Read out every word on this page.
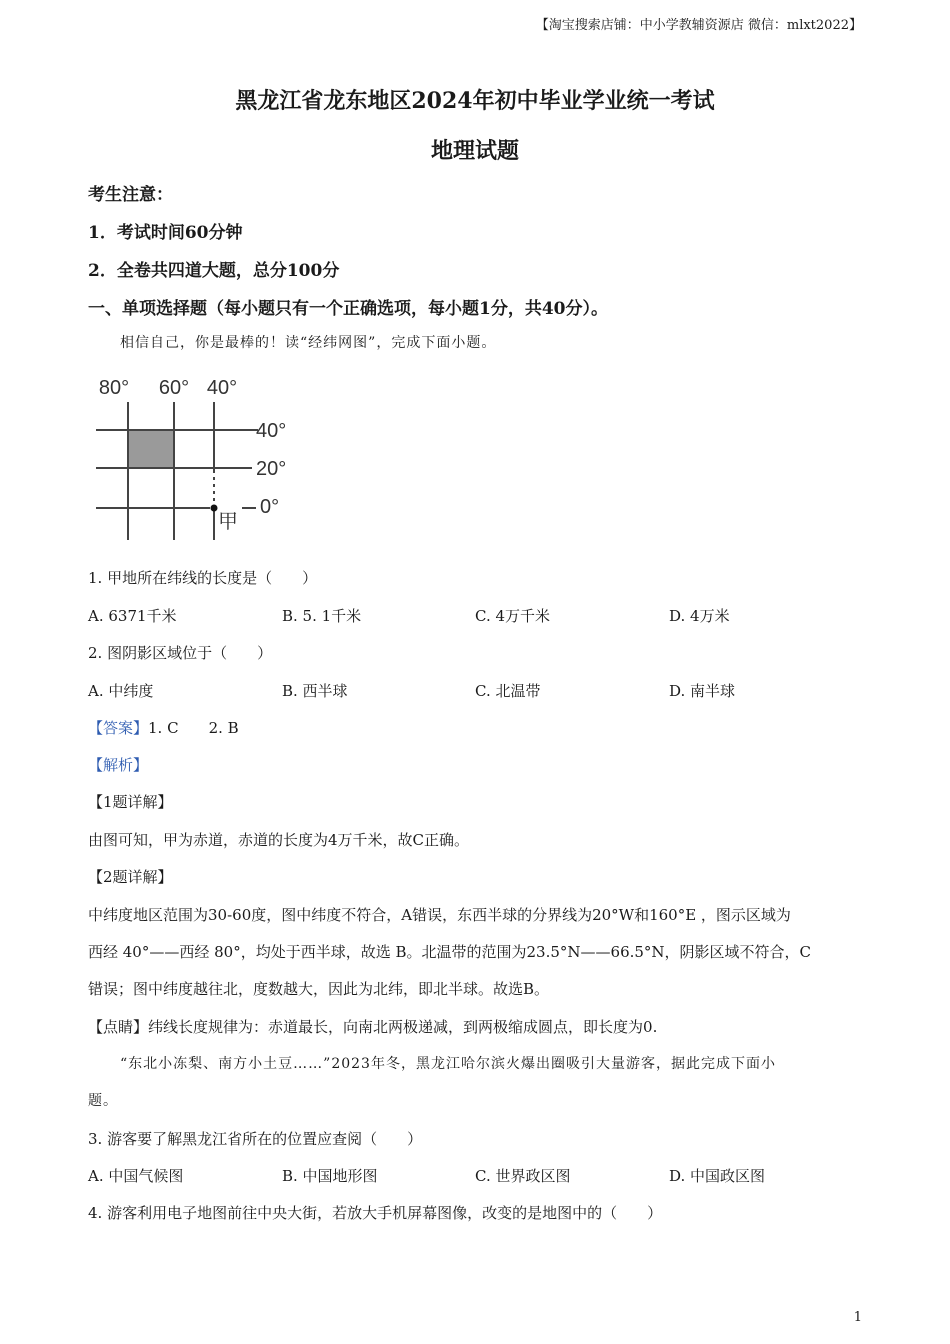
【淘宝搜索店铺：中小学教辅资源店 微信：mlxt2022】
黑龙江省龙东地区2024年初中毕业学业统一考试
地理试题
考生注意：
1．考试时间60分钟
2．全卷共四道大题，总分100分
一、单项选择题（每小题只有一个正确选项，每小题1分，共40分）。
相信自己，你是最棒的！读“经纬网图”，完成下面小题。
80° 60° 40°
40°
20°
0°
甲
1. 甲地所在纬线的长度是（　　）
A. 6371千米	B. 5. 1千米	C. 4万千米	D. 4万米
2. 图阴影区域位于（　　）
A. 中纬度	B. 西半球	C. 北温带	D. 南半球
【答案】1. C　　2. B
【解析】
【1题详解】
由图可知，甲为赤道，赤道的长度为4万千米，故C正确。
【2题详解】
中纬度地区范围为30-60度，图中纬度不符合，A错误，东西半球的分界线为20°W和160°E ，图示区域为
西经 40°——西经 80°，均处于西半球，故选 B。北温带的范围为23.5°N——66.5°N，阴影区域不符合，C
错误；图中纬度越往北，度数越大，因此为北纬，即北半球。故选B。
【点睛】纬线长度规律为：赤道最长，向南北两极递减，到两极缩成圆点，即长度为0.
“东北小冻梨、南方小土豆……”2023年冬，黑龙江哈尔滨火爆出圈吸引大量游客，据此完成下面小
题。
3. 游客要了解黑龙江省所在的位置应查阅（　　）
A. 中国气候图	B. 中国地形图	C. 世界政区图	D. 中国政区图
4. 游客利用电子地图前往中央大街，若放大手机屏幕图像，改变的是地图中的（　　）
1
